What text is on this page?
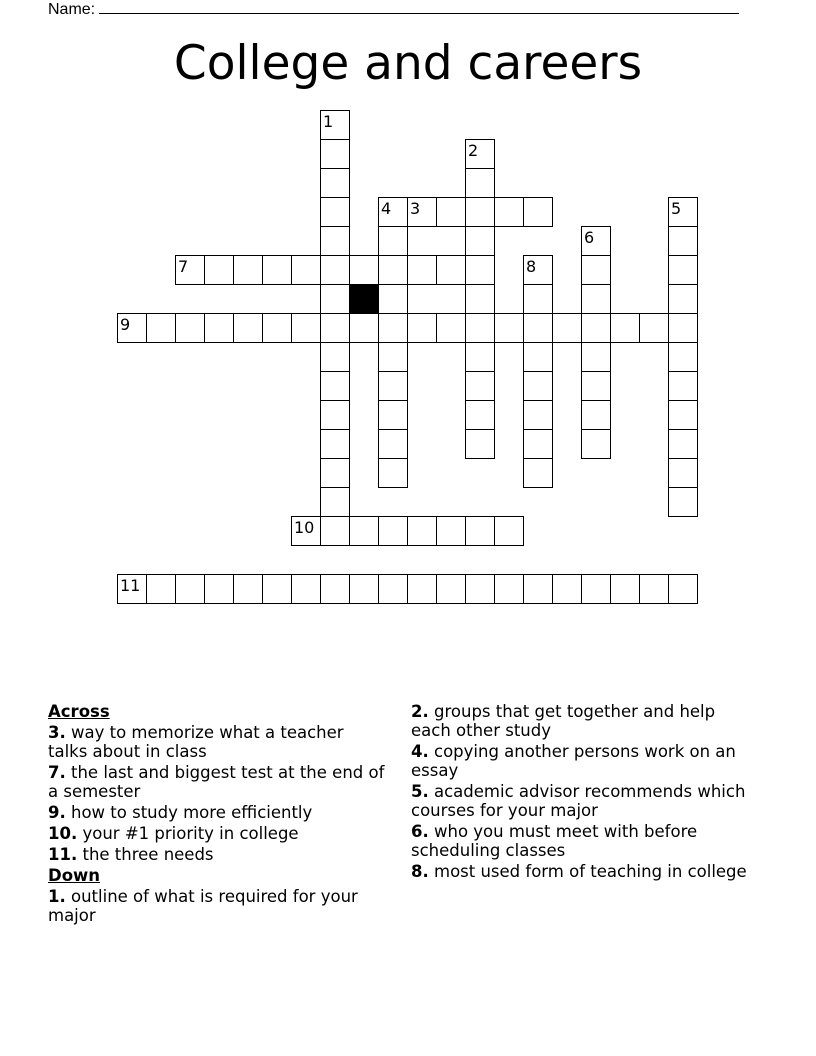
Name:
College and careers
1
2
3
4	5
6
7	8
9
10
11
Across
3. way to memorize what a teacher talks about in class
7. the last and biggest test at the end of a semester
9. how to study more efficiently
10. your #1 priority in college
11. the three needs
Down
1. outline of what is required for your major
2. groups that get together and help each other study
4. copying another persons work on an essay
5. academic advisor recommends which courses for your major
6. who you must meet with before scheduling classes
8. most used form of teaching in college
